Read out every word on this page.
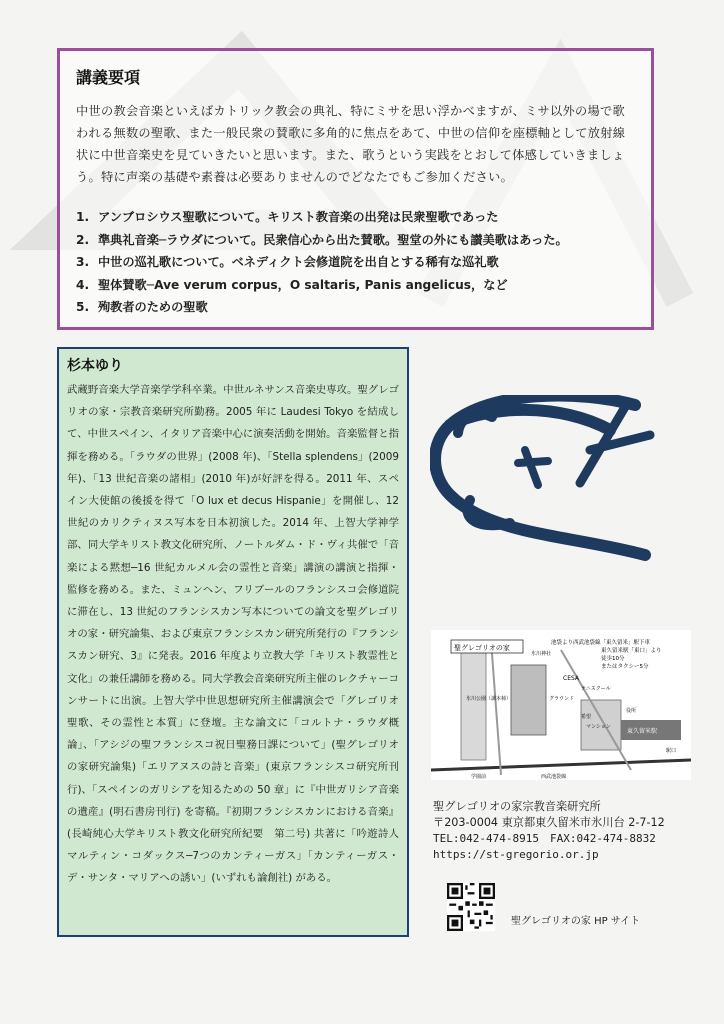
講義要項
中世の教会音楽といえばカトリック教会の典礼、特にミサを思い浮かべますが、ミサ以外の場で歌われる無数の聖歌、また一般民衆の賛歌に多角的に焦点をあて、中世の信仰を座標軸として放射線状に中世音楽史を見ていきたいと思います。また、歌うという実践をとおして体感していきましょう。特に声楽の基礎や素養は必要ありませんのでどなたでもご参加ください。
1. アンブロシウス聖歌について。キリスト教音楽の出発は民衆聖歌であった
2. 準典礼音楽─ラウダについて。民衆信心から出た賛歌。聖堂の外にも讃美歌はあった。
3. 中世の巡礼歌について。ベネディクト会修道院を出自とする稀有な巡礼歌
4. 聖体賛歌─Ave verum corpus，O saltaris, Panis angelicus，など
5. 殉教者のための聖歌
杉本ゆり
武蔵野音楽大学音楽学学科卒業。中世ルネサンス音楽史専攻。聖グレゴリオの家・宗教音楽研究所勤務。2005 年に Laudesi Tokyo を結成して、中世スペイン、イタリア音楽中心に演奏活動を開始。音楽監督と指揮を務める。「ラウダの世界」(2008 年)、「Stella splendens」(2009 年)、「13 世紀音楽の諸相」(2010 年)が好評を得る。2011 年、スペイン大使館の後援を得て「O lux et decus Hispanie」を開催し、12 世紀のカリクティヌス写本を日本初演した。2014 年、上智大学神学部、同大学キリスト教文化研究所、ノートルダム・ド・ヴィ共催で「音楽による黙想─16 世紀カルメル会の霊性と音楽」講演の講演と指揮・監修を務める。また、ミュンヘン、フリブールのフランシスコ会修道院に滞在し、13 世紀のフランシスカン写本についての論文を聖グレゴリオの家・研究論集、および東京フランシスカン研究所発行の『フランシスカン研究、3』に発表。2016 年度より立教大学「キリスト教霊性と文化」の兼任講師を務める。同大学教会音楽研究所主催のレクチャーコンサートに出演。上智大学中世思想研究所主催講演会で「グレゴリオ聖歌、その霊性と本質」に登壇。主な論文に「コルトナ・ラウダ概論」、「アシジの聖フランシスコ祝日聖務日課について」(聖グレゴリオの家研究論集)「エリアヌスの詩と音楽」(東京フランシスコ研究所刊行)、「スペインのガリシアを知るための 50 章」に『中世ガリシア音楽の遺産』(明石書房刊行) を寄稿。『初期フランシスカンにおける音楽』(長崎純心大学キリスト教文化研究所紀要　第二号) 共著に「吟遊詩人マルティン・コダックス─7つのカンティーガス」「カンティーガス・デ・サンタ・マリアへの誘い」(いずれも論創社) がある。
聖グレゴリオの家
池袋より西武池袋線「東久留米」駅下車
東久留米駅「東口」より
徒歩10分
またはタクシー5分
氷川公園（調本柿）
氷川神社
CESA
テニスクール
グラウンド
役所
希望
マンション
東久留米駅
西武池袋線
学園前
駅口
聖グレゴリオの家宗教音楽研究所
〒203-0004 東京都東久留米市氷川台 2-7-12
TEL:042-474-8915　FAX:042-474-8832
https://st-gregorio.or.jp
聖グレゴリオの家 HP サイト
